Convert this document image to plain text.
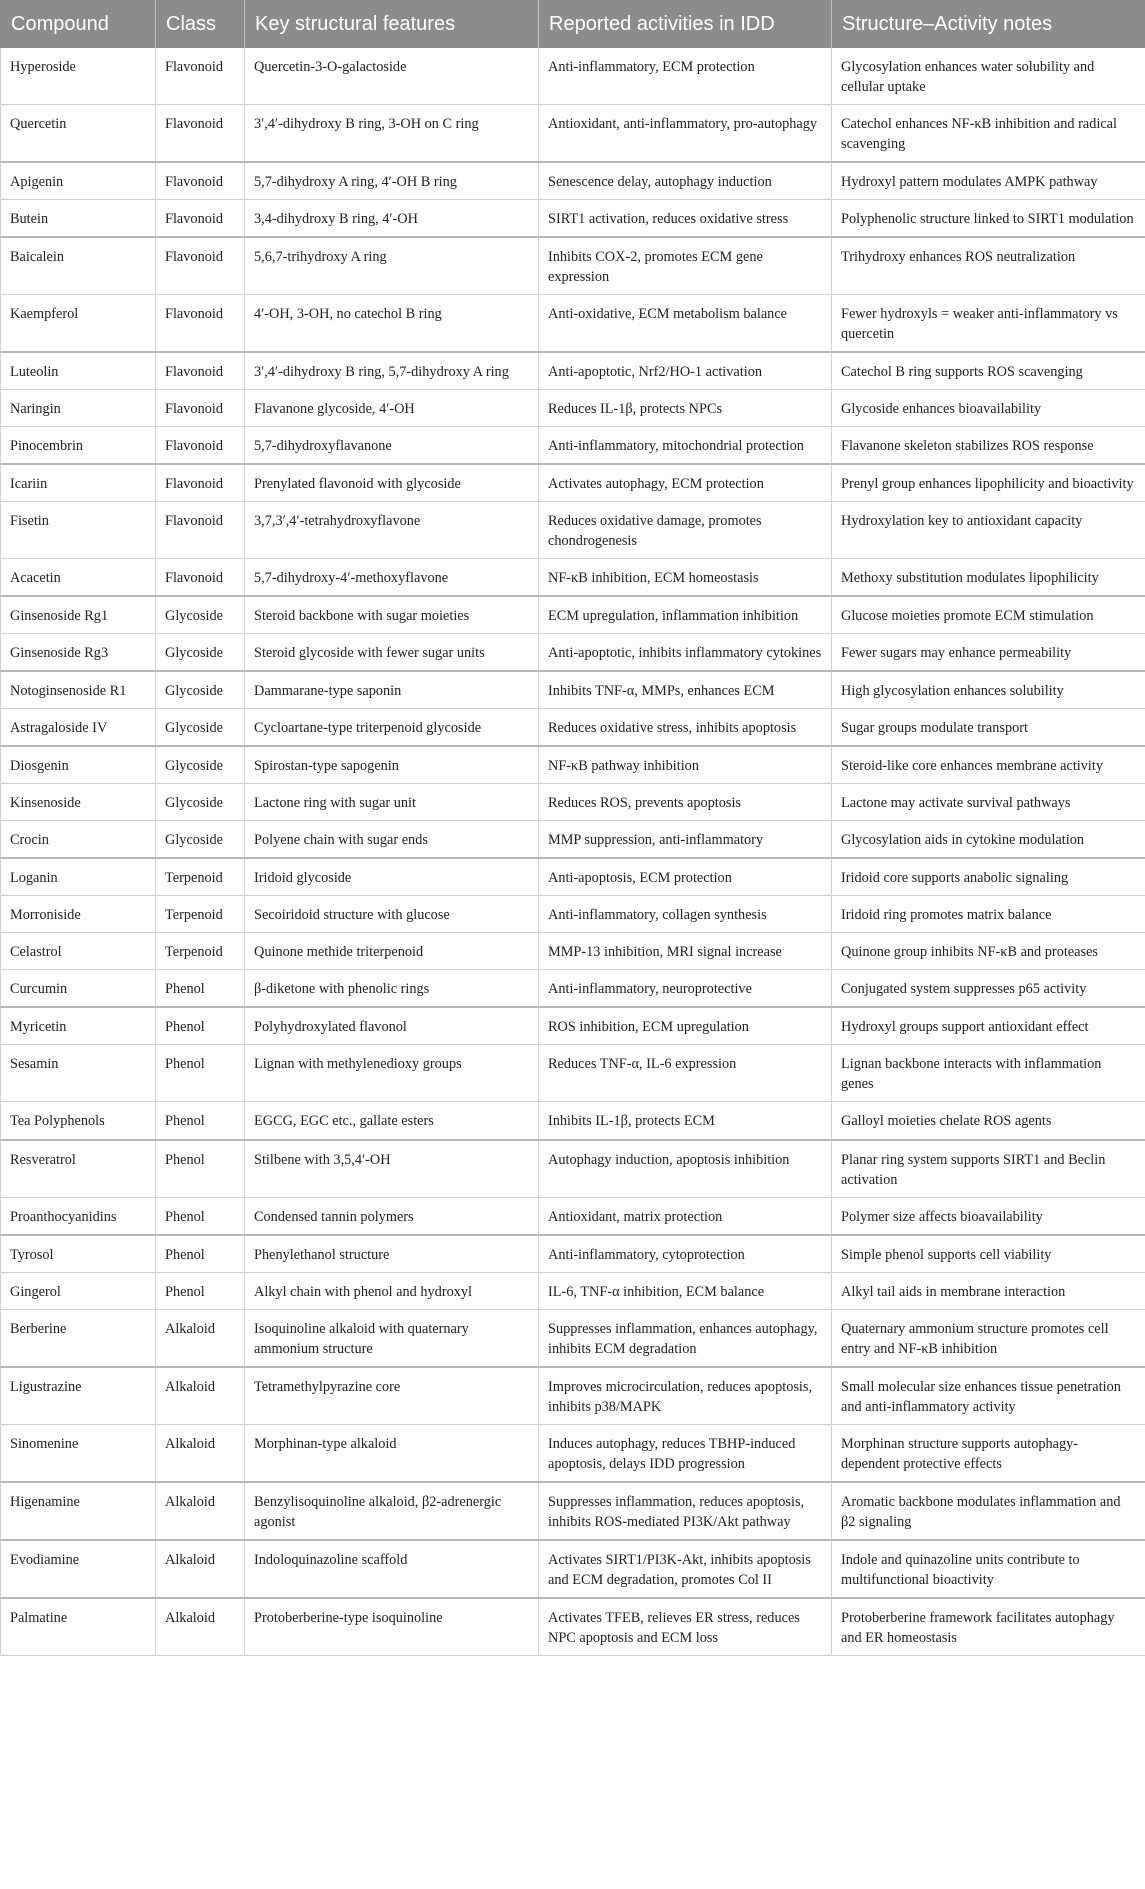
Compound	Class	Key structural features	Reported activities in IDD	Structure–Activity notes
Hyperoside	Flavonoid	Quercetin-3-O-galactoside	Anti-inflammatory, ECM protection	Glycosylation enhances water solubility and cellular uptake
Quercetin	Flavonoid	3′,4′-dihydroxy B ring, 3-OH on C ring	Antioxidant, anti-inflammatory, pro-autophagy	Catechol enhances NF-κB inhibition and radical scavenging
Apigenin	Flavonoid	5,7-dihydroxy A ring, 4′-OH B ring	Senescence delay, autophagy induction	Hydroxyl pattern modulates AMPK pathway
Butein	Flavonoid	3,4-dihydroxy B ring, 4′-OH	SIRT1 activation, reduces oxidative stress	Polyphenolic structure linked to SIRT1 modulation
Baicalein	Flavonoid	5,6,7-trihydroxy A ring	Inhibits COX-2, promotes ECM gene expression	Trihydroxy enhances ROS neutralization
Kaempferol	Flavonoid	4′-OH, 3-OH, no catechol B ring	Anti-oxidative, ECM metabolism balance	Fewer hydroxyls = weaker anti-inflammatory vs quercetin
Luteolin	Flavonoid	3′,4′-dihydroxy B ring, 5,7-dihydroxy A ring	Anti-apoptotic, Nrf2/HO-1 activation	Catechol B ring supports ROS scavenging
Naringin	Flavonoid	Flavanone glycoside, 4′-OH	Reduces IL-1β, protects NPCs	Glycoside enhances bioavailability
Pinocembrin	Flavonoid	5,7-dihydroxyflavanone	Anti-inflammatory, mitochondrial protection	Flavanone skeleton stabilizes ROS response
Icariin	Flavonoid	Prenylated flavonoid with glycoside	Activates autophagy, ECM protection	Prenyl group enhances lipophilicity and bioactivity
Fisetin	Flavonoid	3,7,3′,4′-tetrahydroxyflavone	Reduces oxidative damage, promotes chondrogenesis	Hydroxylation key to antioxidant capacity
Acacetin	Flavonoid	5,7-dihydroxy-4′-methoxyflavone	NF-κB inhibition, ECM homeostasis	Methoxy substitution modulates lipophilicity
Ginsenoside Rg1	Glycoside	Steroid backbone with sugar moieties	ECM upregulation, inflammation inhibition	Glucose moieties promote ECM stimulation
Ginsenoside Rg3	Glycoside	Steroid glycoside with fewer sugar units	Anti-apoptotic, inhibits inflammatory cytokines	Fewer sugars may enhance permeability
Notoginsenoside R1	Glycoside	Dammarane-type saponin	Inhibits TNF-α, MMPs, enhances ECM	High glycosylation enhances solubility
Astragaloside IV	Glycoside	Cycloartane-type triterpenoid glycoside	Reduces oxidative stress, inhibits apoptosis	Sugar groups modulate transport
Diosgenin	Glycoside	Spirostan-type sapogenin	NF-κB pathway inhibition	Steroid-like core enhances membrane activity
Kinsenoside	Glycoside	Lactone ring with sugar unit	Reduces ROS, prevents apoptosis	Lactone may activate survival pathways
Crocin	Glycoside	Polyene chain with sugar ends	MMP suppression, anti-inflammatory	Glycosylation aids in cytokine modulation
Loganin	Terpenoid	Iridoid glycoside	Anti-apoptosis, ECM protection	Iridoid core supports anabolic signaling
Morroniside	Terpenoid	Secoiridoid structure with glucose	Anti-inflammatory, collagen synthesis	Iridoid ring promotes matrix balance
Celastrol	Terpenoid	Quinone methide triterpenoid	MMP-13 inhibition, MRI signal increase	Quinone group inhibits NF-κB and proteases
Curcumin	Phenol	β-diketone with phenolic rings	Anti-inflammatory, neuroprotective	Conjugated system suppresses p65 activity
Myricetin	Phenol	Polyhydroxylated flavonol	ROS inhibition, ECM upregulation	Hydroxyl groups support antioxidant effect
Sesamin	Phenol	Lignan with methylenedioxy groups	Reduces TNF-α, IL-6 expression	Lignan backbone interacts with inflammation genes
Tea Polyphenols	Phenol	EGCG, EGC etc., gallate esters	Inhibits IL-1β, protects ECM	Galloyl moieties chelate ROS agents
Resveratrol	Phenol	Stilbene with 3,5,4′-OH	Autophagy induction, apoptosis inhibition	Planar ring system supports SIRT1 and Beclin activation
Proanthocyanidins	Phenol	Condensed tannin polymers	Antioxidant, matrix protection	Polymer size affects bioavailability
Tyrosol	Phenol	Phenylethanol structure	Anti-inflammatory, cytoprotection	Simple phenol supports cell viability
Gingerol	Phenol	Alkyl chain with phenol and hydroxyl	IL-6, TNF-α inhibition, ECM balance	Alkyl tail aids in membrane interaction
Berberine	Alkaloid	Isoquinoline alkaloid with quaternary ammonium structure	Suppresses inflammation, enhances autophagy, inhibits ECM degradation	Quaternary ammonium structure promotes cell entry and NF-κB inhibition
Ligustrazine	Alkaloid	Tetramethylpyrazine core	Improves microcirculation, reduces apoptosis, inhibits p38/MAPK	Small molecular size enhances tissue penetration and anti-inflammatory activity
Sinomenine	Alkaloid	Morphinan-type alkaloid	Induces autophagy, reduces TBHP-induced apoptosis, delays IDD progression	Morphinan structure supports autophagy-dependent protective effects
Higenamine	Alkaloid	Benzylisoquinoline alkaloid, β2-adrenergic agonist	Suppresses inflammation, reduces apoptosis, inhibits ROS-mediated PI3K/Akt pathway	Aromatic backbone modulates inflammation and β2 signaling
Evodiamine	Alkaloid	Indoloquinazoline scaffold	Activates SIRT1/PI3K-Akt, inhibits apoptosis and ECM degradation, promotes Col II	Indole and quinazoline units contribute to multifunctional bioactivity
Palmatine	Alkaloid	Protoberberine-type isoquinoline	Activates TFEB, relieves ER stress, reduces NPC apoptosis and ECM loss	Protoberberine framework facilitates autophagy and ER homeostasis
